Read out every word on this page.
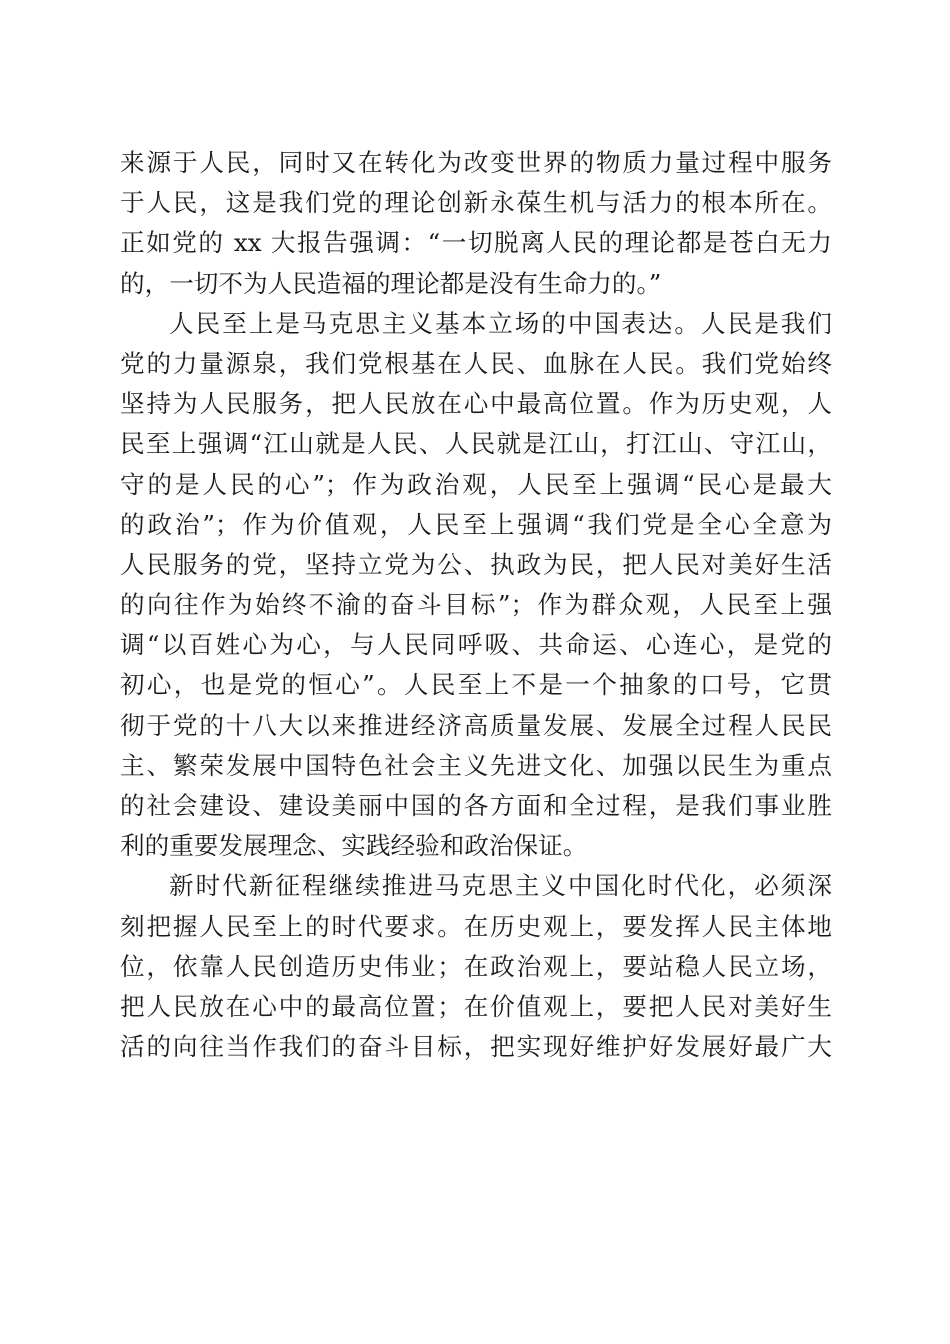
来源于人民，同时又在转化为改变世界的物质力量过程中服务
于人民，这是我们党的理论创新永葆生机与活力的根本所在。
正如党的 xx 大报告强调：“一切脱离人民的理论都是苍白无力
的，一切不为人民造福的理论都是没有生命力的。”
人民至上是马克思主义基本立场的中国表达。人民是我们
党的力量源泉，我们党根基在人民、血脉在人民。我们党始终
坚持为人民服务，把人民放在心中最高位置。作为历史观，人
民至上强调“江山就是人民、人民就是江山，打江山、守江山，
守的是人民的心”；作为政治观，人民至上强调“民心是最大
的政治”；作为价值观，人民至上强调“我们党是全心全意为
人民服务的党，坚持立党为公、执政为民，把人民对美好生活
的向往作为始终不渝的奋斗目标”；作为群众观，人民至上强
调“以百姓心为心，与人民同呼吸、共命运、心连心，是党的
初心，也是党的恒心”。人民至上不是一个抽象的口号，它贯
彻于党的十八大以来推进经济高质量发展、发展全过程人民民
主、繁荣发展中国特色社会主义先进文化、加强以民生为重点
的社会建设、建设美丽中国的各方面和全过程，是我们事业胜
利的重要发展理念、实践经验和政治保证。
新时代新征程继续推进马克思主义中国化时代化，必须深
刻把握人民至上的时代要求。在历史观上，要发挥人民主体地
位，依靠人民创造历史伟业；在政治观上，要站稳人民立场，
把人民放在心中的最高位置；在价值观上，要把人民对美好生
活的向往当作我们的奋斗目标，把实现好维护好发展好最广大
